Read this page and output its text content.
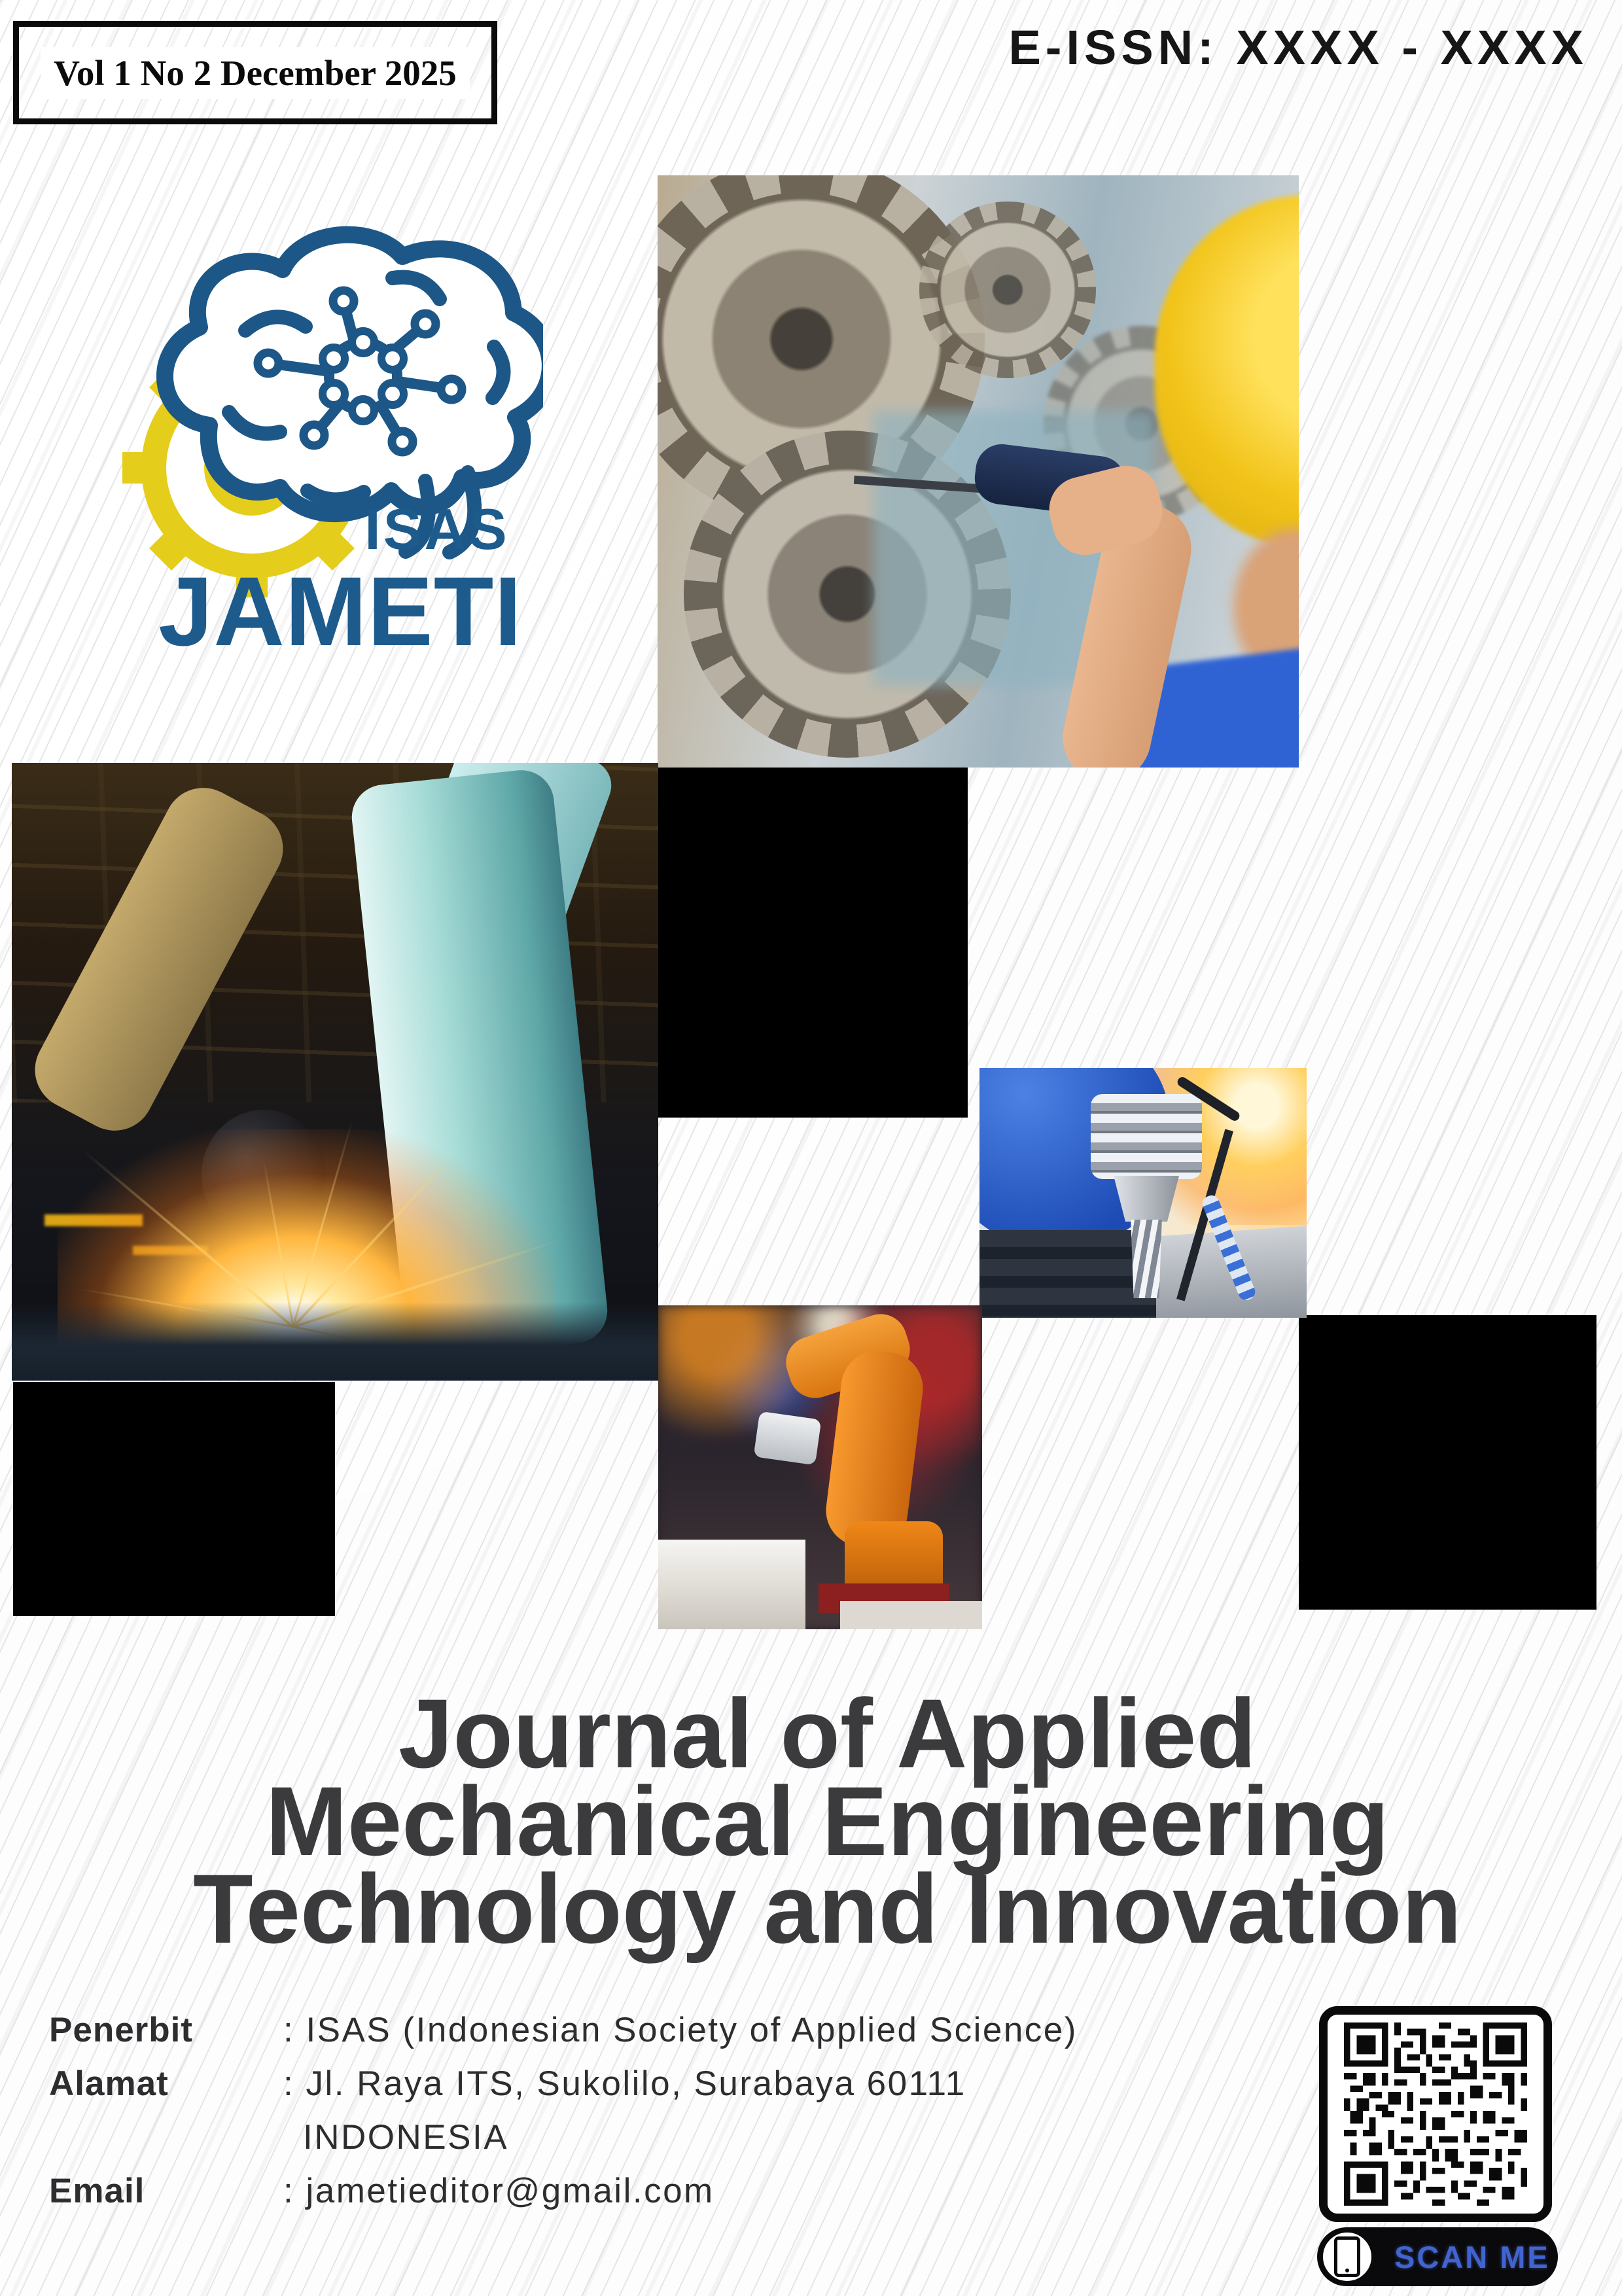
Vol 1 No 2 December 2025	E-ISSN: XXXX - XXXX
ISAS
JAMETI
Journal of Applied
Mechanical Engineering
Technology and Innovation
Penerbit	: ISAS (Indonesian Society of Applied Science)
Alamat	: Jl. Raya ITS, Sukolilo, Surabaya 60111
INDONESIA
Email	: jametieditor@gmail.com
SCAN ME
